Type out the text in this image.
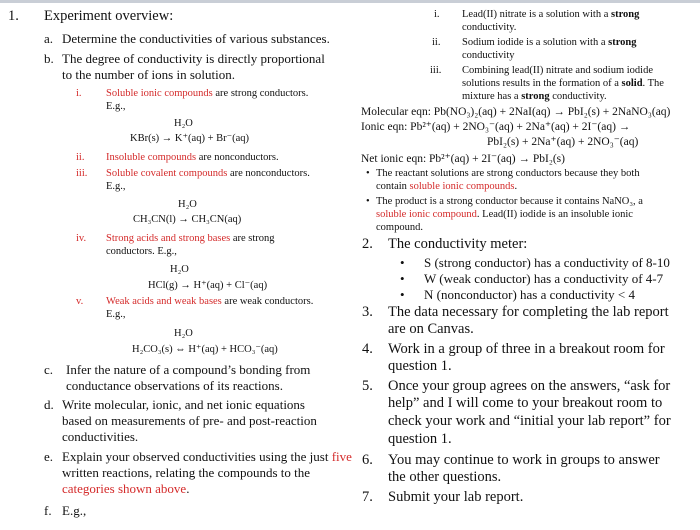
1. Experiment overview:
a. Determine the conductivities of various substances.
b. The degree of conductivity is directly proportional
to the number of ions in solution.
i. Soluble ionic compounds are strong conductors.
E.g.,
H₂O
KBr(s) → K⁺(aq) + Br⁻(aq)
ii. Insoluble compounds are nonconductors.
iii. Soluble covalent compounds are nonconductors.
E.g.,
H₂O
CH₃CN(l) → CH₃CN(aq)
iv. Strong acids and strong bases are strong
conductors. E.g.,
H₂O
HCl(g) → H⁺(aq) + Cl⁻(aq)
v. Weak acids and weak bases are weak conductors.
E.g.,
H₂O
H₂CO₃(s) ⇔ H⁺(aq) + HCO₃⁻(aq)
c. Infer the nature of a compound’s bonding from
conductance observations of its reactions.
d. Write molecular, ionic, and net ionic equations
based on measurements of pre- and post-reaction
conductivities.
e. Explain your observed conductivities using the just five
written reactions, relating the compounds to the
categories shown above.
f. E.g.,
i. Lead(II) nitrate is a solution with a strong
conductivity.
ii. Sodium iodide is a solution with a strong
conductivity
iii. Combining lead(II) nitrate and sodium iodide
solutions results in the formation of a solid. The
mixture has a strong conductivity.
Molecular eqn: Pb(NO₃)₂(aq) + 2NaI(aq) → PbI₂(s) + 2NaNO₃(aq)
Ionic eqn: Pb²⁺(aq) + 2NO₃⁻(aq) + 2Na⁺(aq) + 2I⁻(aq) →
PbI₂(s) + 2Na⁺(aq) + 2NO₃⁻(aq)
Net ionic eqn: Pb²⁺(aq) + 2I⁻(aq) → PbI₂(s)
• The reactant solutions are strong conductors because they both
contain soluble ionic compounds.
• The product is a strong conductor because it contains NaNO₃, a
soluble ionic compound. Lead(II) iodide is an insoluble ionic
compound.
2. The conductivity meter:
• S (strong conductor) has a conductivity of 8-10
• W (weak conductor) has a conductivity of 4-7
• N (nonconductor) has a conductivity < 4
3. The data necessary for completing the lab report
are on Canvas.
4. Work in a group of three in a breakout room for
question 1.
5. Once your group agrees on the answers, “ask for
help” and I will come to your breakout room to
check your work and “initial your lab report” for
question 1.
6. You may continue to work in groups to answer
the other questions.
7. Submit your lab report.
